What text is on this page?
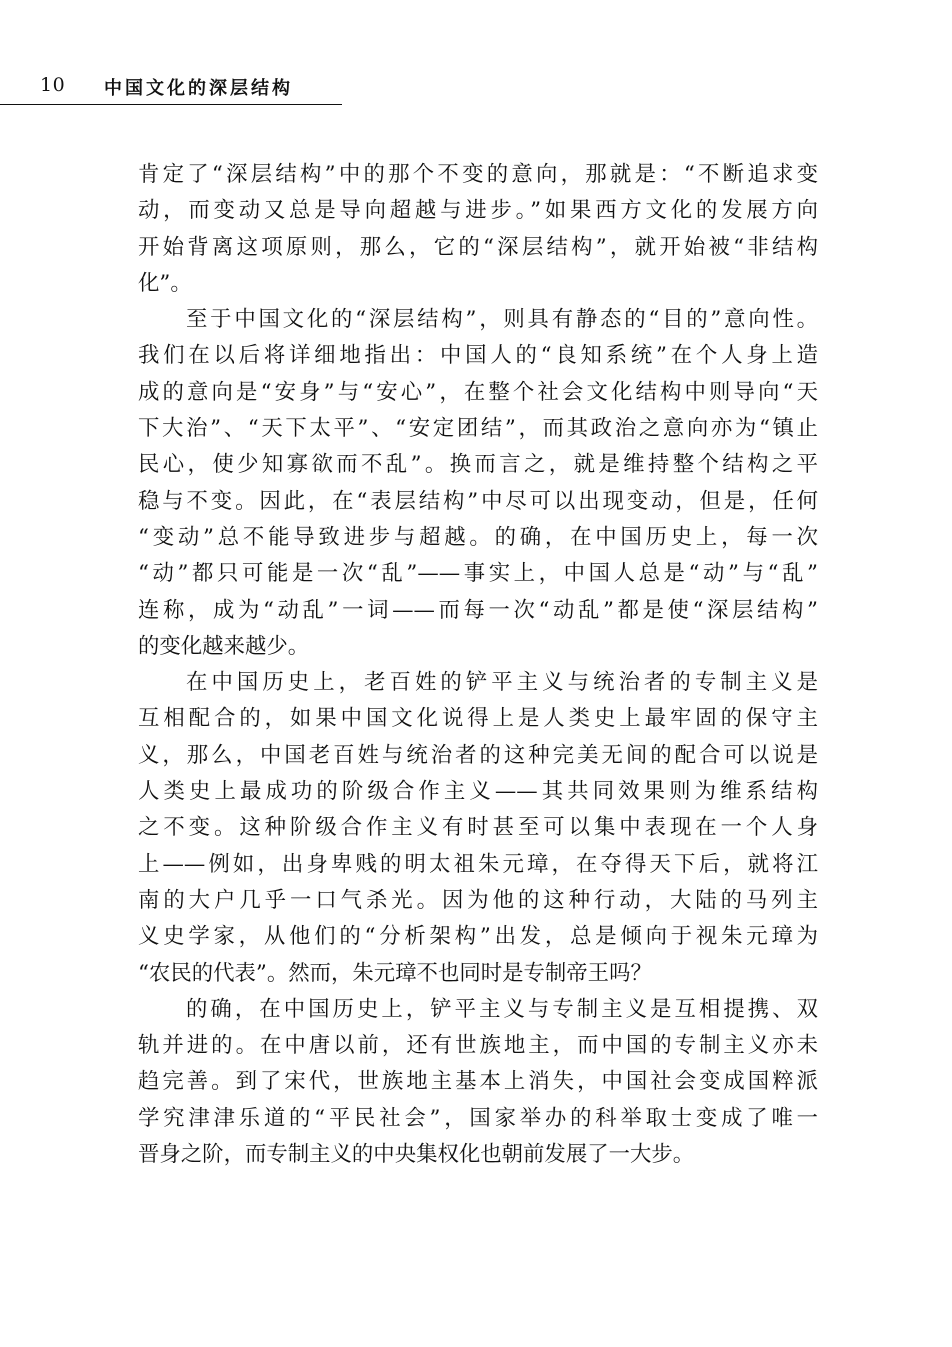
10 中国文化的深层结构
肯定了“深层结构”中的那个不变的意向，那就是：“不断追求变
动，而变动又总是导向超越与进步。”如果西方文化的发展方向
开始背离这项原则，那么，它的“深层结构”，就开始被“非结构
化”。
至于中国文化的“深层结构”，则具有静态的“目的”意向性。
我们在以后将详细地指出：中国人的“良知系统”在个人身上造
成的意向是“安身”与“安心”，在整个社会文化结构中则导向“天
下大治”、“天下太平”、“安定团结”，而其政治之意向亦为“镇止
民心，使少知寡欲而不乱”。换而言之，就是维持整个结构之平
稳与不变。因此，在“表层结构”中尽可以出现变动，但是，任何
“变动”总不能导致进步与超越。的确，在中国历史上，每一次
“动”都只可能是一次“乱”——事实上，中国人总是“动”与“乱”
连称，成为“动乱”一词——而每一次“动乱”都是使“深层结构”
的变化越来越少。
在中国历史上，老百姓的铲平主义与统治者的专制主义是
互相配合的，如果中国文化说得上是人类史上最牢固的保守主
义，那么，中国老百姓与统治者的这种完美无间的配合可以说是
人类史上最成功的阶级合作主义——其共同效果则为维系结构
之不变。这种阶级合作主义有时甚至可以集中表现在一个人身
上——例如，出身卑贱的明太祖朱元璋，在夺得天下后，就将江
南的大户几乎一口气杀光。因为他的这种行动，大陆的马列主
义史学家，从他们的“分析架构”出发，总是倾向于视朱元璋为
“农民的代表”。然而，朱元璋不也同时是专制帝王吗？
的确，在中国历史上，铲平主义与专制主义是互相提携、双
轨并进的。在中唐以前，还有世族地主，而中国的专制主义亦未
趋完善。到了宋代，世族地主基本上消失，中国社会变成国粹派
学究津津乐道的“平民社会”，国家举办的科举取士变成了唯一
晋身之阶，而专制主义的中央集权化也朝前发展了一大步。
